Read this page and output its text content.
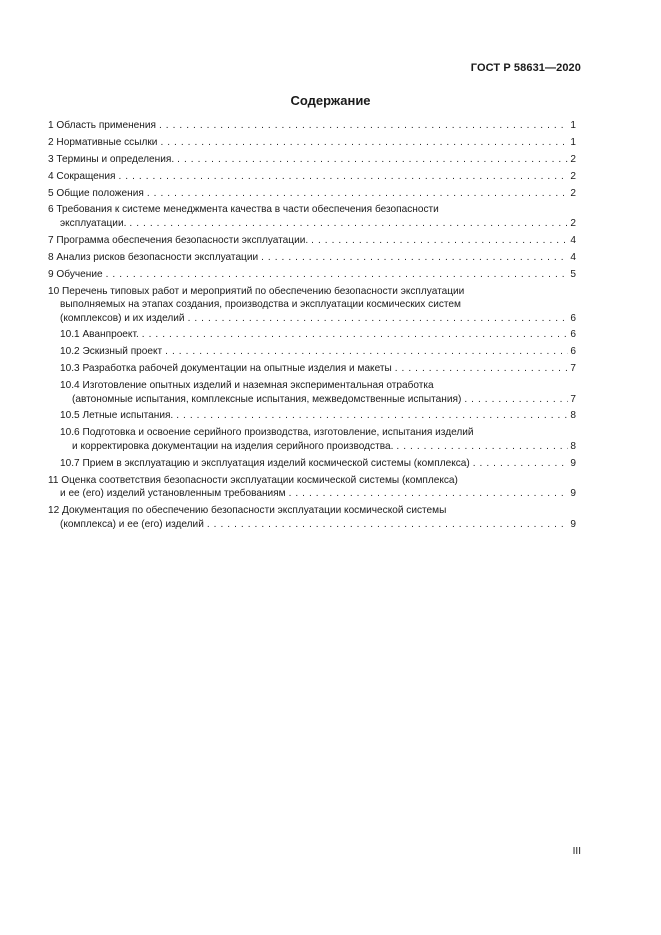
ГОСТ Р 58631—2020
Содержание
1 Область применения . . .	1
2 Нормативные ссылки . . .	1
3 Термины и определения. . . .	2
4 Сокращения . . .	2
5 Общие положения . . .	2
6 Требования к системе менеджмента качества в части обеспечения безопасности
эксплуатации. . . .	2
7 Программа обеспечения безопасности эксплуатации. . . .	4
8 Анализ рисков безопасности эксплуатации . . .	4
9 Обучение . . .	5
10 Перечень типовых работ и мероприятий по обеспечению безопасности эксплуатации
выполняемых на этапах создания, производства и эксплуатации космических систем
(комплексов) и их изделий . . .	6
10.1 Аванпроект. . . .	6
10.2 Эскизный проект . . .	6
10.3 Разработка рабочей документации на опытные изделия и макеты . . .	7
10.4 Изготовление опытных изделий и наземная экспериментальная отработка
(автономные испытания, комплексные испытания, межведомственные испытания) . . .	7
10.5 Летные испытания. . . .	8
10.6 Подготовка и освоение серийного производства, изготовление, испытания изделий
и корректировка документации на изделия серийного производства. . . .	8
10.7 Прием в эксплуатацию и эксплуатация изделий космической системы (комплекса) . . .	9
11 Оценка соответствия безопасности эксплуатации космической системы (комплекса)
и ее (его) изделий установленным требованиям . . .	9
12 Документация по обеспечению безопасности эксплуатации космической системы
(комплекса) и ее (его) изделий . . .	9
III
